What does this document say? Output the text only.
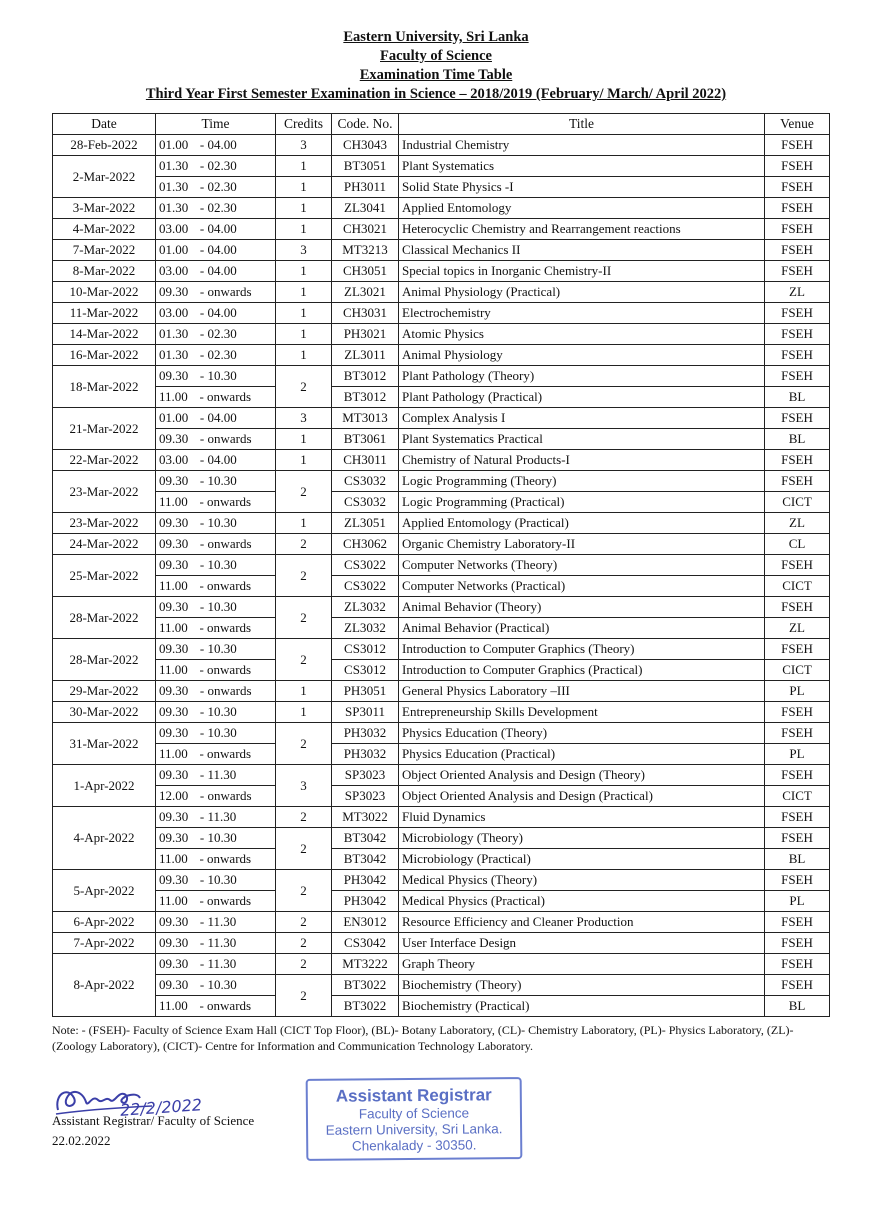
Eastern University, Sri Lanka
Faculty of Science
Examination Time Table
Third Year First Semester Examination in Science – 2018/2019 (February/ March/ April 2022)
Date	Time	Credits	Code. No.	Title	Venue
28-Feb-2022	01.00 - 04.00	3	CH3043	Industrial Chemistry	FSEH
2-Mar-2022	01.30 - 02.30	1	BT3051	Plant Systematics	FSEH
	01.30 - 02.30	1	PH3011	Solid State Physics -I	FSEH
3-Mar-2022	01.30 - 02.30	1	ZL3041	Applied Entomology	FSEH
4-Mar-2022	03.00 - 04.00	1	CH3021	Heterocyclic Chemistry and Rearrangement reactions	FSEH
7-Mar-2022	01.00 - 04.00	3	MT3213	Classical Mechanics II	FSEH
8-Mar-2022	03.00 - 04.00	1	CH3051	Special topics in Inorganic Chemistry-II	FSEH
10-Mar-2022	09.30 - onwards	1	ZL3021	Animal Physiology (Practical)	ZL
11-Mar-2022	03.00 - 04.00	1	CH3031	Electrochemistry	FSEH
14-Mar-2022	01.30 - 02.30	1	PH3021	Atomic Physics	FSEH
16-Mar-2022	01.30 - 02.30	1	ZL3011	Animal Physiology	FSEH
18-Mar-2022	09.30 - 10.30	2	BT3012	Plant Pathology (Theory)	FSEH
	11.00 - onwards		BT3012	Plant Pathology (Practical)	BL
21-Mar-2022	01.00 - 04.00	3	MT3013	Complex Analysis I	FSEH
	09.30 - onwards	1	BT3061	Plant Systematics Practical	BL
22-Mar-2022	03.00 - 04.00	1	CH3011	Chemistry of Natural Products-I	FSEH
23-Mar-2022	09.30 - 10.30	2	CS3032	Logic Programming (Theory)	FSEH
	11.00 - onwards		CS3032	Logic Programming (Practical)	CICT
23-Mar-2022	09.30 - 10.30	1	ZL3051	Applied Entomology (Practical)	ZL
24-Mar-2022	09.30 - onwards	2	CH3062	Organic Chemistry Laboratory-II	CL
25-Mar-2022	09.30 - 10.30	2	CS3022	Computer Networks (Theory)	FSEH
	11.00 - onwards		CS3022	Computer Networks (Practical)	CICT
28-Mar-2022	09.30 - 10.30	2	ZL3032	Animal Behavior (Theory)	FSEH
	11.00 - onwards		ZL3032	Animal Behavior (Practical)	ZL
28-Mar-2022	09.30 - 10.30	2	CS3012	Introduction to Computer Graphics (Theory)	FSEH
	11.00 - onwards		CS3012	Introduction to Computer Graphics (Practical)	CICT
29-Mar-2022	09.30 - onwards	1	PH3051	General Physics Laboratory –III	PL
30-Mar-2022	09.30 - 10.30	1	SP3011	Entrepreneurship Skills Development	FSEH
31-Mar-2022	09.30 - 10.30	2	PH3032	Physics Education (Theory)	FSEH
	11.00 - onwards		PH3032	Physics Education (Practical)	PL
1-Apr-2022	09.30 - 11.30	3	SP3023	Object Oriented Analysis and Design (Theory)	FSEH
	12.00 - onwards		SP3023	Object Oriented Analysis and Design (Practical)	CICT
4-Apr-2022	09.30 - 11.30	2	MT3022	Fluid Dynamics	FSEH
	09.30 - 10.30	2	BT3042	Microbiology (Theory)	FSEH
	11.00 - onwards		BT3042	Microbiology (Practical)	BL
5-Apr-2022	09.30 - 10.30	2	PH3042	Medical Physics (Theory)	FSEH
	11.00 - onwards		PH3042	Medical Physics (Practical)	PL
6-Apr-2022	09.30 - 11.30	2	EN3012	Resource Efficiency and Cleaner Production	FSEH
7-Apr-2022	09.30 - 11.30	2	CS3042	User Interface Design	FSEH
8-Apr-2022	09.30 - 11.30	2	MT3222	Graph Theory	FSEH
	09.30 - 10.30	2	BT3022	Biochemistry (Theory)	FSEH
	11.00 - onwards		BT3022	Biochemistry (Practical)	BL
Note: - (FSEH)- Faculty of Science Exam Hall (CICT Top Floor), (BL)- Botany Laboratory, (CL)- Chemistry Laboratory, (PL)- Physics Laboratory, (ZL)- (Zoology Laboratory), (CICT)- Centre for Information and Communication Technology Laboratory.
22/2/2022
Assistant Registrar/ Faculty of Science
22.02.2022
Assistant Registrar
Faculty of Science
Eastern University, Sri Lanka.
Chenkalady - 30350.
